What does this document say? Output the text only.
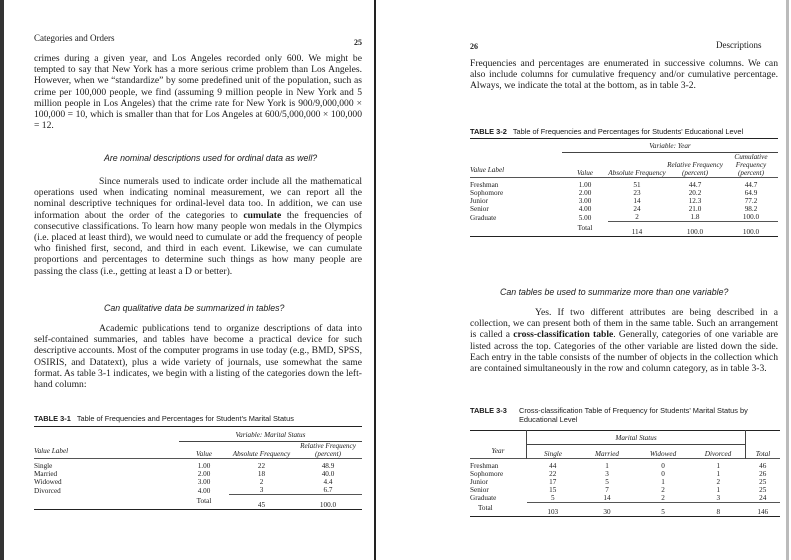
Categories and Orders	25

crimes during a given year, and Los Angeles recorded only 600. We might be tempted to say that New York has a more serious crime problem than Los Angeles. However, when we “standardize” by some predefined unit of the population, such as crime per 100,000 people, we find (assuming 9 million people in New York and 5 million people in Los Angeles) that the crime rate for New York is 900/9,000,000 × 100,000 = 10, which is smaller than that for Los Angeles at 600/5,000,000 × 100,000 = 12.

Are nominal descriptions used for ordinal data as well?

Since numerals used to indicate order include all the mathematical operations used when indicating nominal measurement, we can report all the nominal descriptive techniques for ordinal-level data too. In addition, we can use information about the order of the categories to cumulate the frequencies of consecutive classifications. To learn how many people won medals in the Olympics (i.e. placed at least third), we would need to cumulate or add the frequency of people who finished first, second, and third in each event. Likewise, we can cumulate proportions and percentages to determine such things as how many people are passing the class (i.e., getting at least a D or better).

Can qualitative data be summarized in tables?

Academic publications tend to organize descriptions of data into self-contained summaries, and tables have become a practical device for such descriptive accounts. Most of the computer programs in use today (e.g., BMD, SPSS, OSIRIS, and Datatext), plus a wide variety of journals, use somewhat the same format. As table 3-1 indicates, we begin with a listing of the categories down the left-hand column:

TABLE 3-1 Table of Frequencies and Percentages for Student's Marital Status

	Variable: Marital Status		
Value Label	Value	Absolute Frequency	Relative Frequency (percent)
Single	1.00	22	48.9
Married	2.00	18	40.0
Widowed	3.00	2	4.4
Divorced	4.00	3	6.7
	Total	45	100.0
26	Descriptions

Frequencies and percentages are enumerated in successive columns. We can also include columns for cumulative frequency and/or cumulative percentage. Always, we indicate the total at the bottom, as in table 3-2.

TABLE 3-2 Table of Frequencies and Percentages for Students' Educational Level

	Variable: Year			
Value Label	Value	Absolute Frequency	Relative Frequency (percent)	Cumulative Frequency (percent)
Freshman	1.00	51	44.7	44.7
Sophomore	2.00	23	20.2	64.9
Junior	3.00	14	12.3	77.2
Senior	4.00	24	21.0	98.2
Graduate	5.00	2	1.8	100.0
	Total	114	100.0	100.0
Can tables be used to summarize more than one variable?

Yes. If two different attributes are being described in a collection, we can present both of them in the same table. Such an arrangement is called a cross-classification table. Generally, categories of one variable are listed across the top. Categories of the other variable are listed down the side. Each entry in the table consists of the number of objects in the collection which are contained simultaneously in the row and column category, as in table 3-3.

TABLE 3-3 Cross-classification Table of Frequency for Students' Marital Status by Educational Level
	Marital Status				
Year	Single	Married	Widowed	Divorced	Total
Freshman	44	1	0	1	46
Sophomore	22	3	0	1	26
Junior	17	5	1	2	25
Senior	15	7	2	1	25
Graduate	5	14	2	3	24
Total	103	30	5	8	146
